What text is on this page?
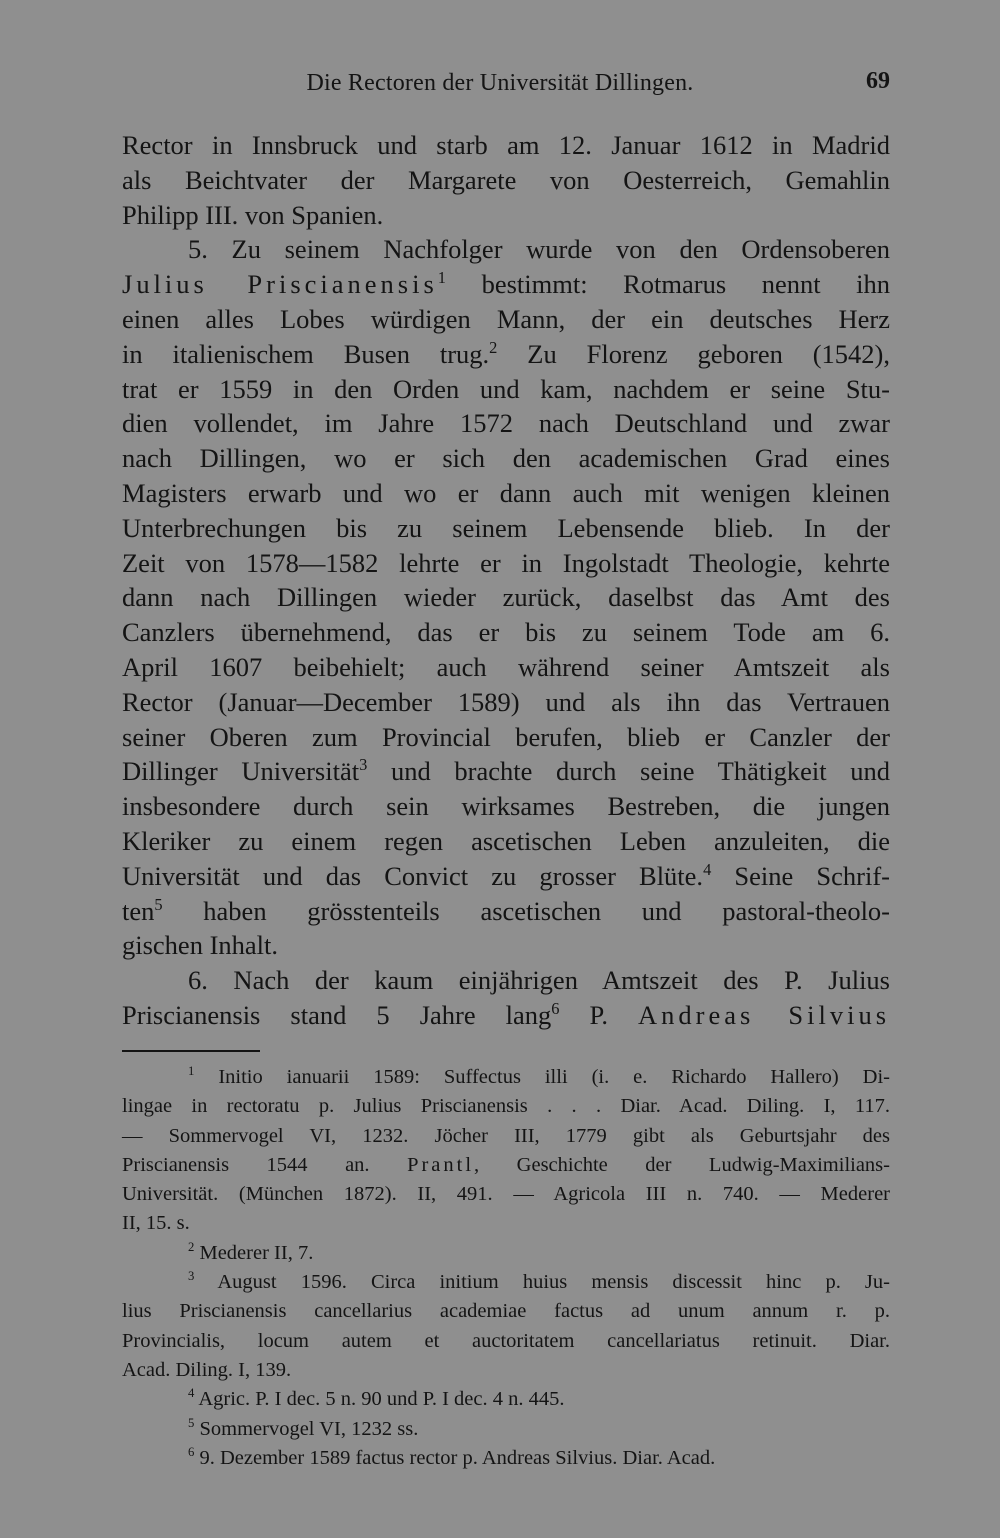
Die Rectoren der Universität Dillingen.	69
Rector in Innsbruck und starb am 12. Januar 1612 in Madrid
als Beichtvater der Margarete von Oesterreich, Gemahlin
Philipp III. von Spanien.
5. Zu seinem Nachfolger wurde von den Ordensoberen
Julius Priscianensis$^1$ bestimmt: Rotmarus nennt ihn
einen alles Lobes würdigen Mann, der ein deutsches Herz
in italienischem Busen trug.$^2$ Zu Florenz geboren (1542),
trat er 1559 in den Orden und kam, nachdem er seine Stu-
dien vollendet, im Jahre 1572 nach Deutschland und zwar
nach Dillingen, wo er sich den academischen Grad eines
Magisters erwarb und wo er dann auch mit wenigen kleinen
Unterbrechungen bis zu seinem Lebensende blieb. In der
Zeit von 1578—1582 lehrte er in Ingolstadt Theologie, kehrte
dann nach Dillingen wieder zurück, daselbst das Amt des
Canzlers übernehmend, das er bis zu seinem Tode am 6.
April 1607 beibehielt; auch während seiner Amtszeit als
Rector (Januar—December 1589) und als ihn das Vertrauen
seiner Oberen zum Provincial berufen, blieb er Canzler der
Dillinger Universität$^3$ und brachte durch seine Thätigkeit und
insbesondere durch sein wirksames Bestreben, die jungen
Kleriker zu einem regen ascetischen Leben anzuleiten, die
Universität und das Convict zu grosser Blüte.$^4$ Seine Schrif-
ten$^5$ haben grösstenteils ascetischen und pastoral-theolo-
gischen Inhalt.
6. Nach der kaum einjährigen Amtszeit des P. Julius
Priscianensis stand 5 Jahre lang$^6$ P. Andreas Silvius
$^1$ Initio ianuarii 1589: Suffectus illi (i. e. Richardo Hallero) Di-
lingae in rectoratu p. Julius Priscianensis . . . Diar. Acad. Diling. I, 117.
— Sommervogel VI, 1232. Jöcher III, 1779 gibt als Geburtsjahr des
Priscianensis 1544 an. Prantl, Geschichte der Ludwig-Maximilians-
Universität. (München 1872). II, 491. — Agricola III n. 740. — Mederer
II, 15. s.
$^2$ Mederer II, 7.
$^3$ August 1596. Circa initium huius mensis discessit hinc p. Ju-
lius Priscianensis cancellarius academiae factus ad unum annum r. p.
Provincialis, locum autem et auctoritatem cancellariatus retinuit. Diar.
Acad. Diling. I, 139.
$^4$ Agric. P. I dec. 5 n. 90 und P. I dec. 4 n. 445.
$^5$ Sommervogel VI, 1232 ss.
$^6$ 9. Dezember 1589 factus rector p. Andreas Silvius. Diar. Acad.
